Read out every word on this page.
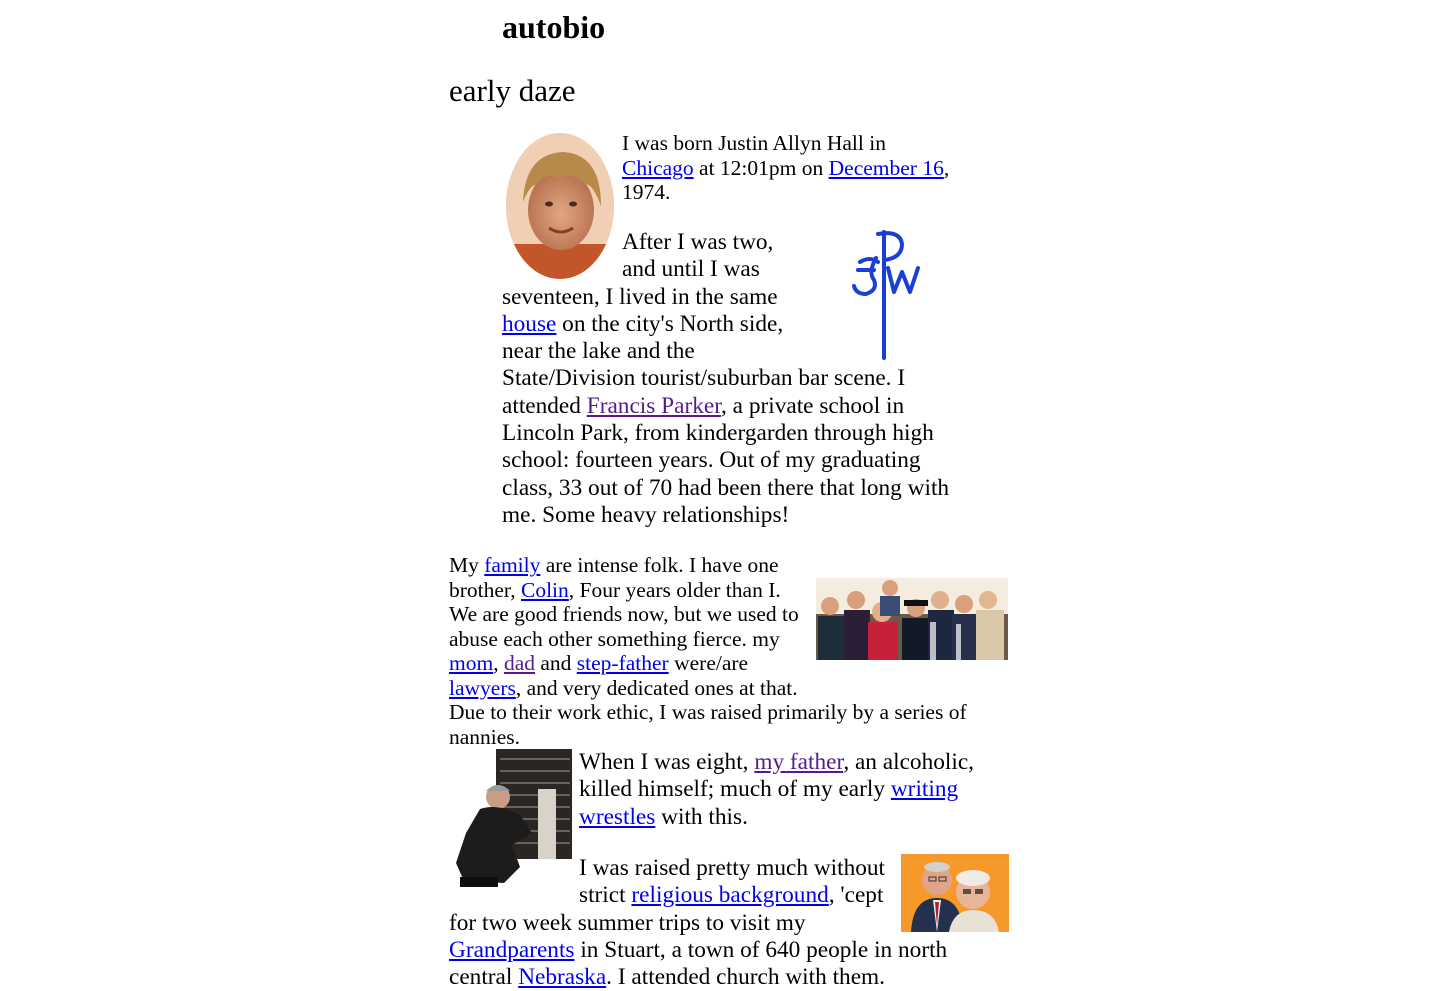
autobio
early daze

I was born Justin Allyn Hall in Chicago at 12:01pm on December 16, 1974.

After I was two, and until I was seventeen, I lived in the same house on the city's North side, near the lake and the State/Division tourist/suburban bar scene. I attended Francis Parker, a private school in Lincoln Park, from kindergarden through high school: fourteen years. Out of my graduating class, 33 out of 70 had been there that long with me. Some heavy relationships!

My family are intense folk. I have one brother, Colin, Four years older than I. We are good friends now, but we used to abuse each other something fierce. my mom, dad and step-father were/are lawyers, and very dedicated ones at that. Due to their work ethic, I was raised primarily by a series of nannies.

When I was eight, my father, an alcoholic, killed himself; much of my early writing wrestles with this.

I was raised pretty much without strict religious background, 'cept for two week summer trips to visit my Grandparents in Stuart, a town of 640 people in north central Nebraska. I attended church with them.
